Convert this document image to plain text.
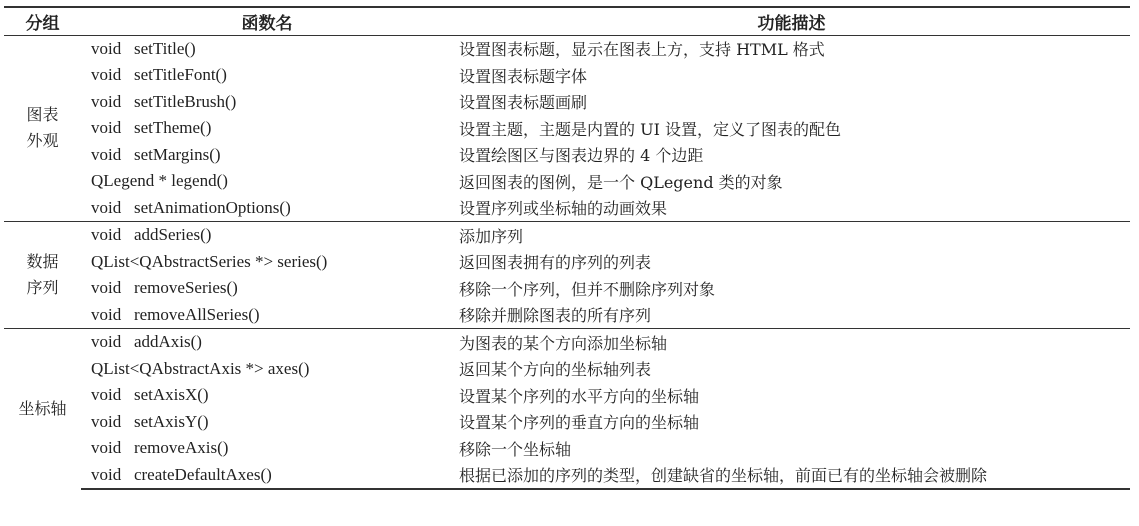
分组	函数名	功能描述

图表
外观	void   setTitle()	设置图表标题，显示在图表上方，支持 HTML 格式
	void   setTitleFont()	设置图表标题字体
	void   setTitleBrush()	设置图表标题画刷
	void   setTheme()	设置主题，主题是内置的 UI 设置，定义了图表的配色
	void   setMargins()	设置绘图区与图表边界的 4 个边距
	QLegend * legend()	返回图表的图例，是一个 QLegend 类的对象
	void   setAnimationOptions()	设置序列或坐标轴的动画效果

数据
序列	void   addSeries()	添加序列
	QList<QAbstractSeries *> series()	返回图表拥有的序列的列表
	void   removeSeries()	移除一个序列，但并不删除序列对象
	void   removeAllSeries()	移除并删除图表的所有序列

坐标轴	void   addAxis()	为图表的某个方向添加坐标轴
	QList<QAbstractAxis *> axes()	返回某个方向的坐标轴列表
	void   setAxisX()	设置某个序列的水平方向的坐标轴
	void   setAxisY()	设置某个序列的垂直方向的坐标轴
	void   removeAxis()	移除一个坐标轴
	void   createDefaultAxes()	根据已添加的序列的类型，创建缺省的坐标轴，前面已有的坐标轴会被删除
